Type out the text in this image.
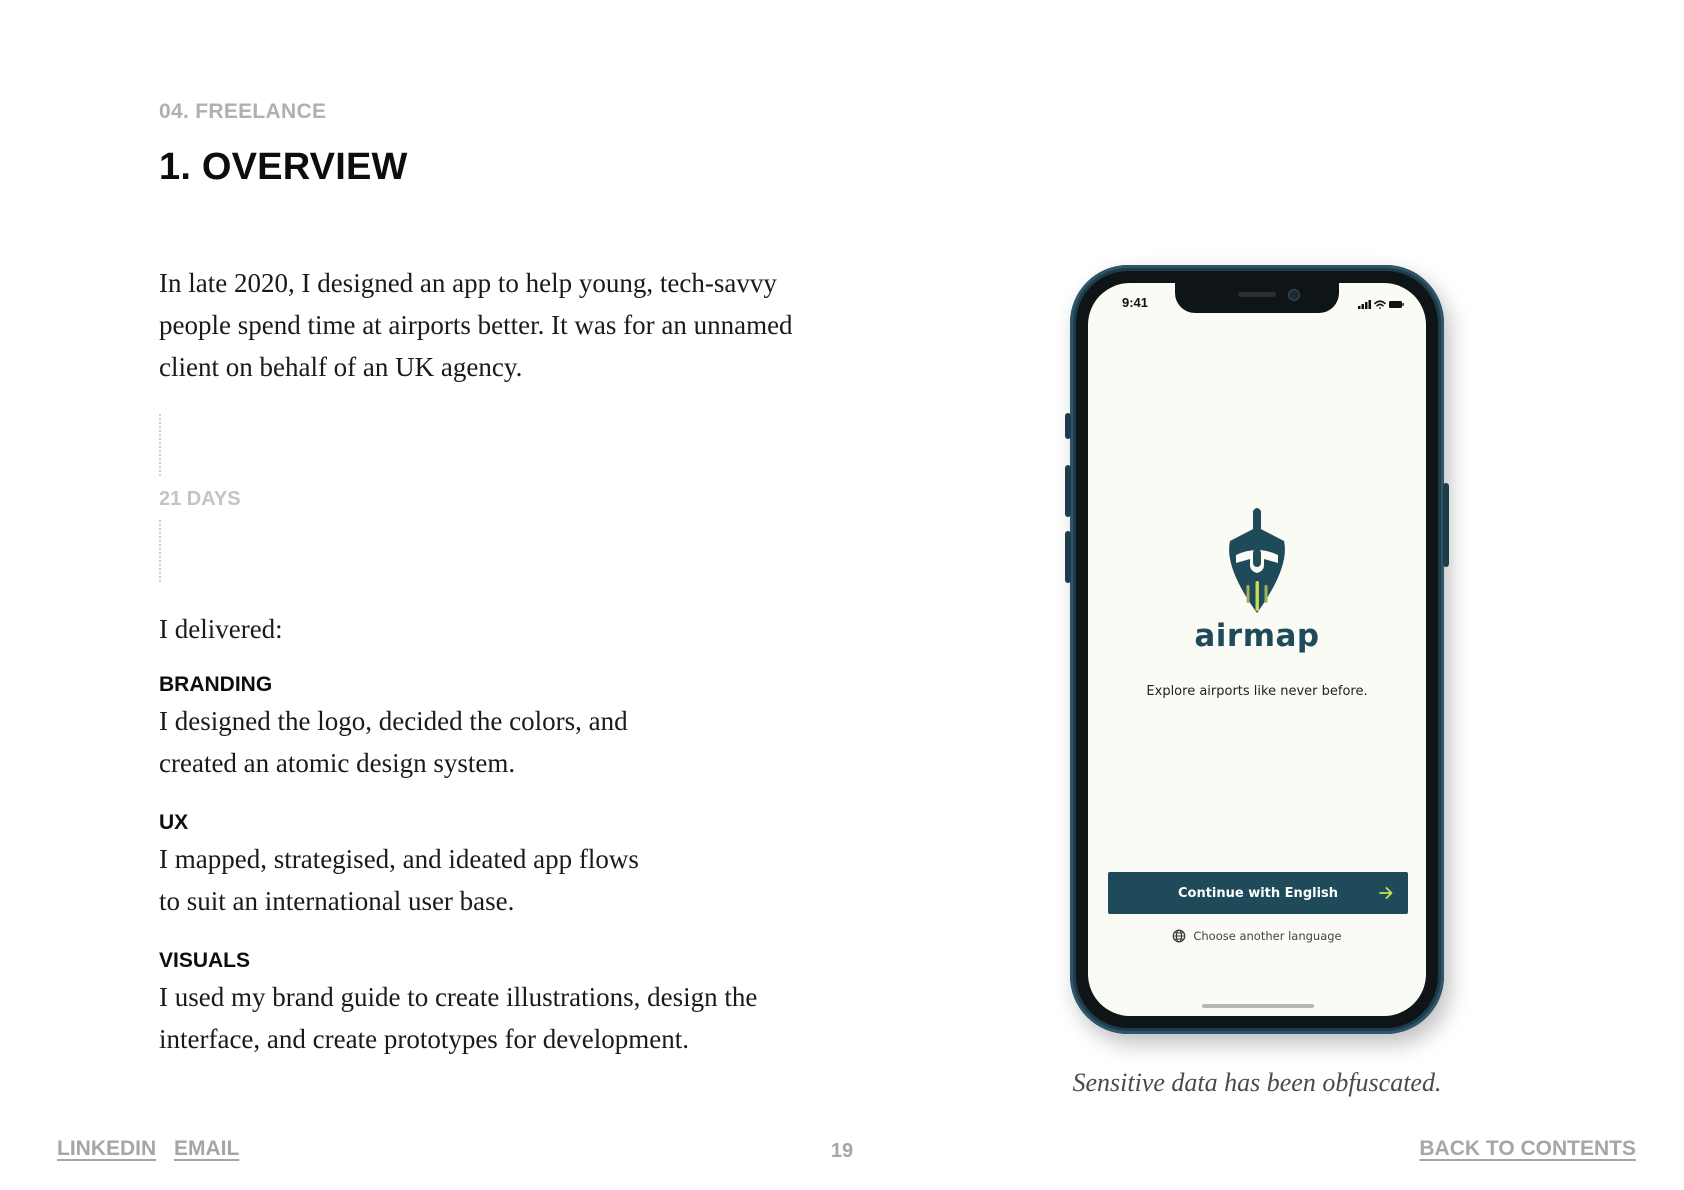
04. FREELANCE
1. OVERVIEW

In late 2020, I designed an app to help young, tech-savvy people spend time at airports better. It was for an unnamed client on behalf of an UK agency.

21 DAYS

I delivered:

BRANDING

I designed the logo, decided the colors, and created an atomic design system.

UX

I mapped, strategised, and ideated app flows to suit an international user base.

VISUALS

I used my brand guide to create illustrations, design the interface, and create prototypes for development.

9:41
airmap
Explore airports like never before.
Continue with English
Choose another language

Sensitive data has been obfuscated.

LINKEDIN EMAIL	19	BACK TO CONTENTS
